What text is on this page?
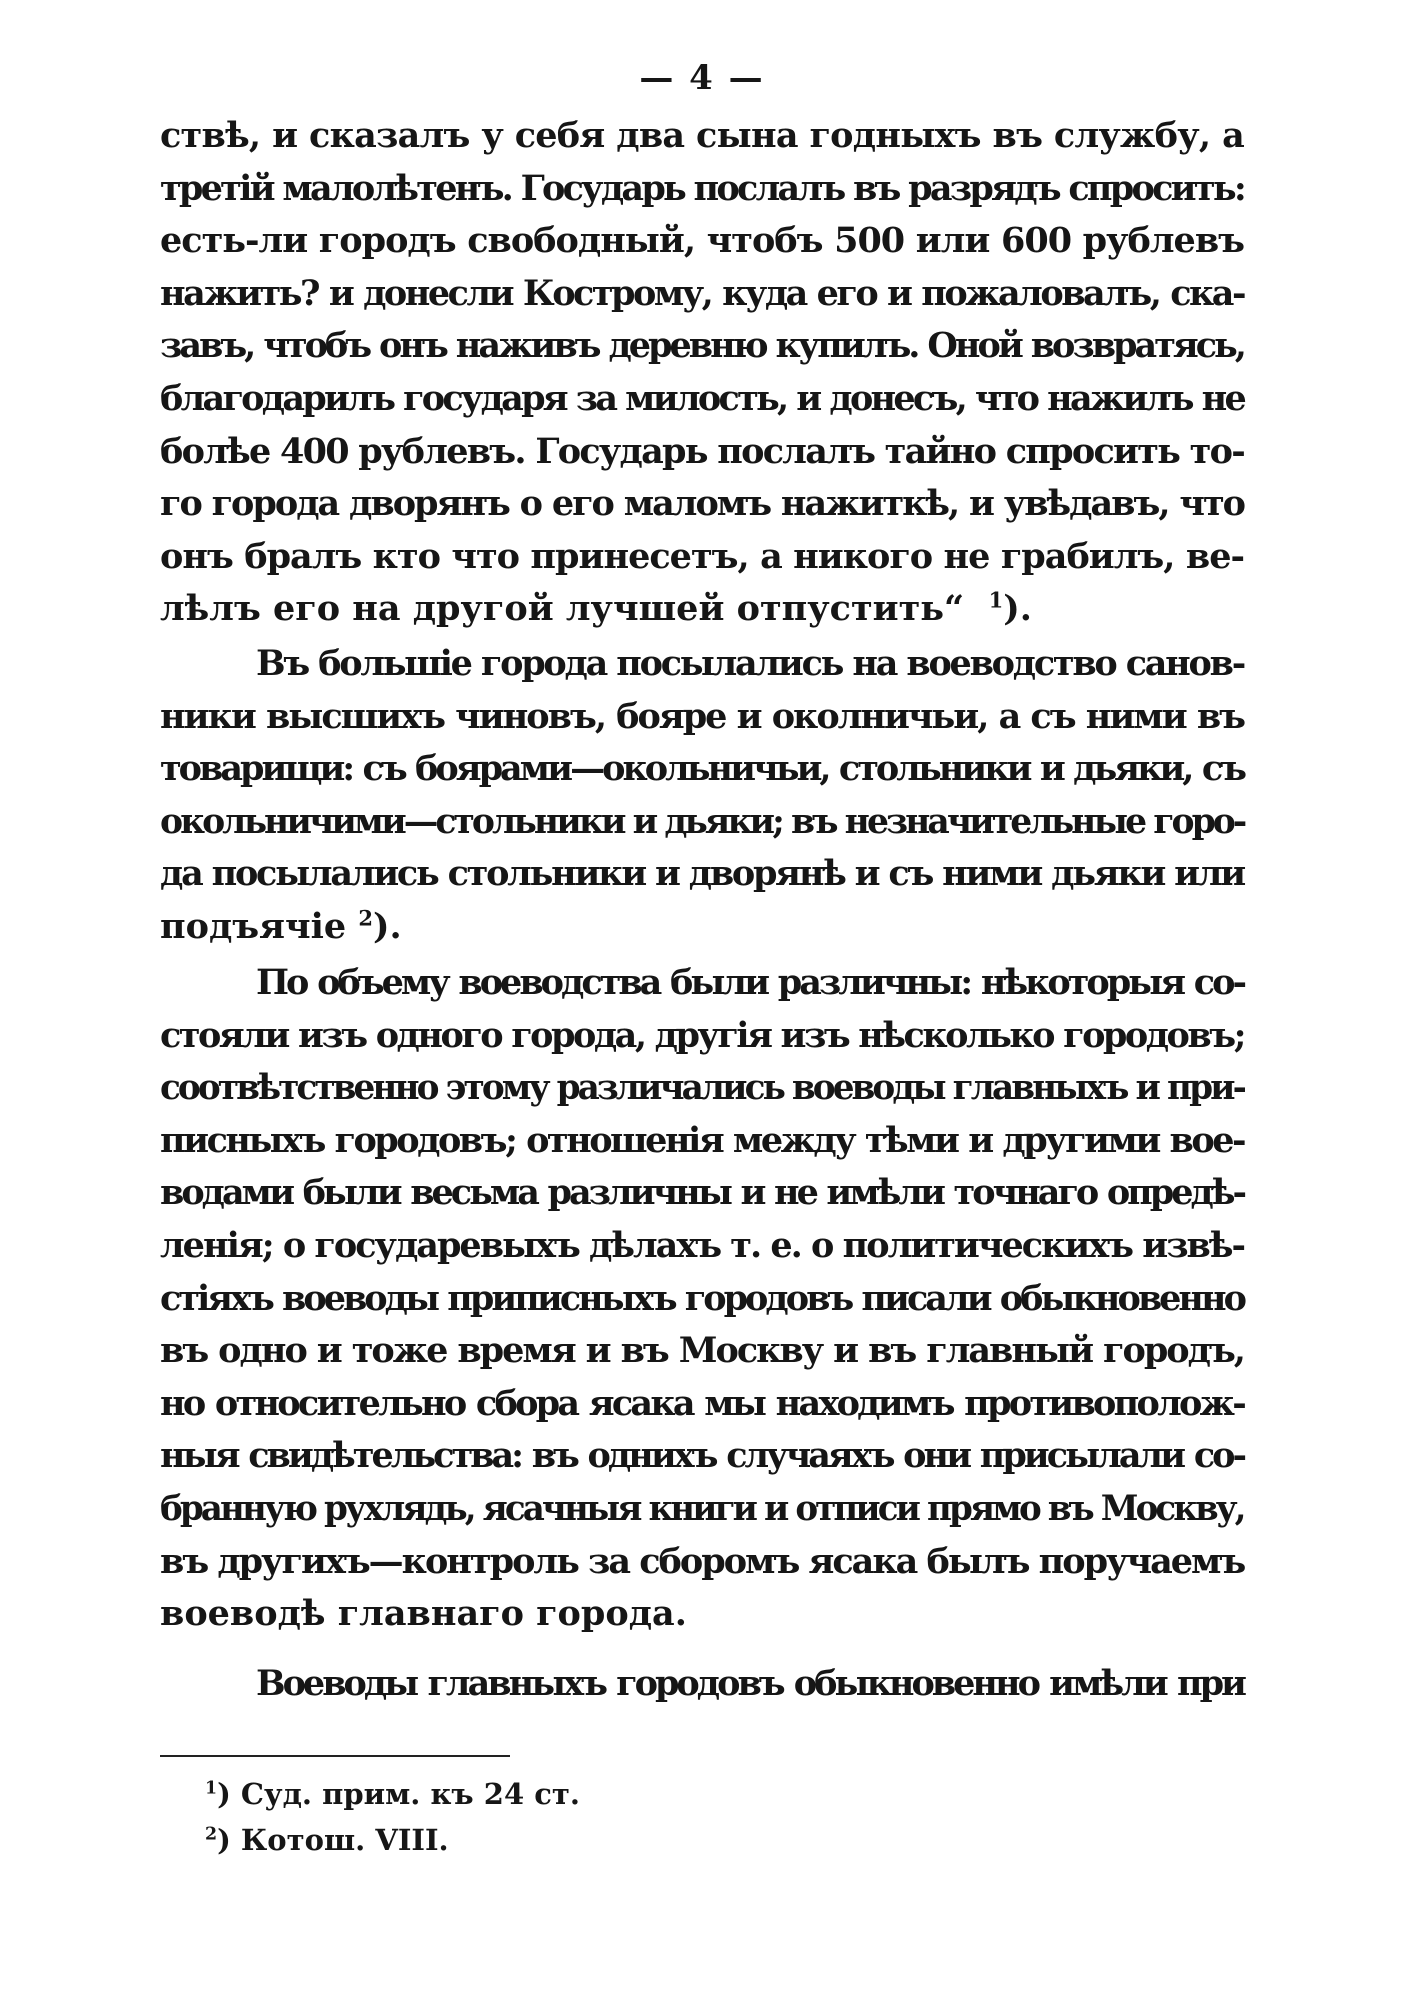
— 4 —
ствѣ, и сказалъ у себя два сына годныхъ въ службу, а
третій малолѣтенъ. Государь послалъ въ разрядъ спросить:
есть-ли городъ свободный, чтобъ 500 или 600 рублевъ
нажить? и донесли Кострому, куда его и пожаловалъ, ска-
завъ, чтобъ онъ наживъ деревню купилъ. Оной возвратясь,
благодарилъ государя за милость, и донесъ, что нажилъ не
болѣе 400 рублевъ. Государь послалъ тайно спросить то-
го города дворянъ о его маломъ нажиткѣ, и увѣдавъ, что
онъ бралъ кто что принесетъ, а никого не грабилъ, ве-
лѣлъ его на другой лучшей отпустить“ $^1$).
Въ большіе города посылались на воеводство санов-
ники высшихъ чиновъ, бояре и околничьи, а съ ними въ
товарищи: съ боярами—окольничьи, стольники и дьяки, съ
окольничими—стольники и дьяки; въ незначительные горо-
да посылались стольники и дворянѣ и съ ними дьяки или
подъячіе $^2$).
По объему воеводства были различны: нѣкоторыя со-
стояли изъ одного города, другія изъ нѣсколько городовъ;
соотвѣтственно этому различались воеводы главныхъ и при-
писныхъ городовъ; отношенія между тѣми и другими вое-
водами были весьма различны и не имѣли точнаго опредѣ-
ленія; о государевыхъ дѣлахъ т. е. о политическихъ извѣ-
стіяхъ воеводы приписныхъ городовъ писали обыкновенно
въ одно и тоже время и въ Москву и въ главный городъ,
но относительно сбора ясака мы находимъ противополож-
ныя свидѣтельства: въ однихъ случаяхъ они присылали со-
бранную рухлядь, ясачныя книги и отписи прямо въ Москву,
въ другихъ—контроль за сборомъ ясака былъ поручаемъ
воеводѣ главнаго города.
Воеводы главныхъ городовъ обыкновенно имѣли при
$^1$) Суд. прим. къ 24 ст.
$^2$) Котош. VIII.
